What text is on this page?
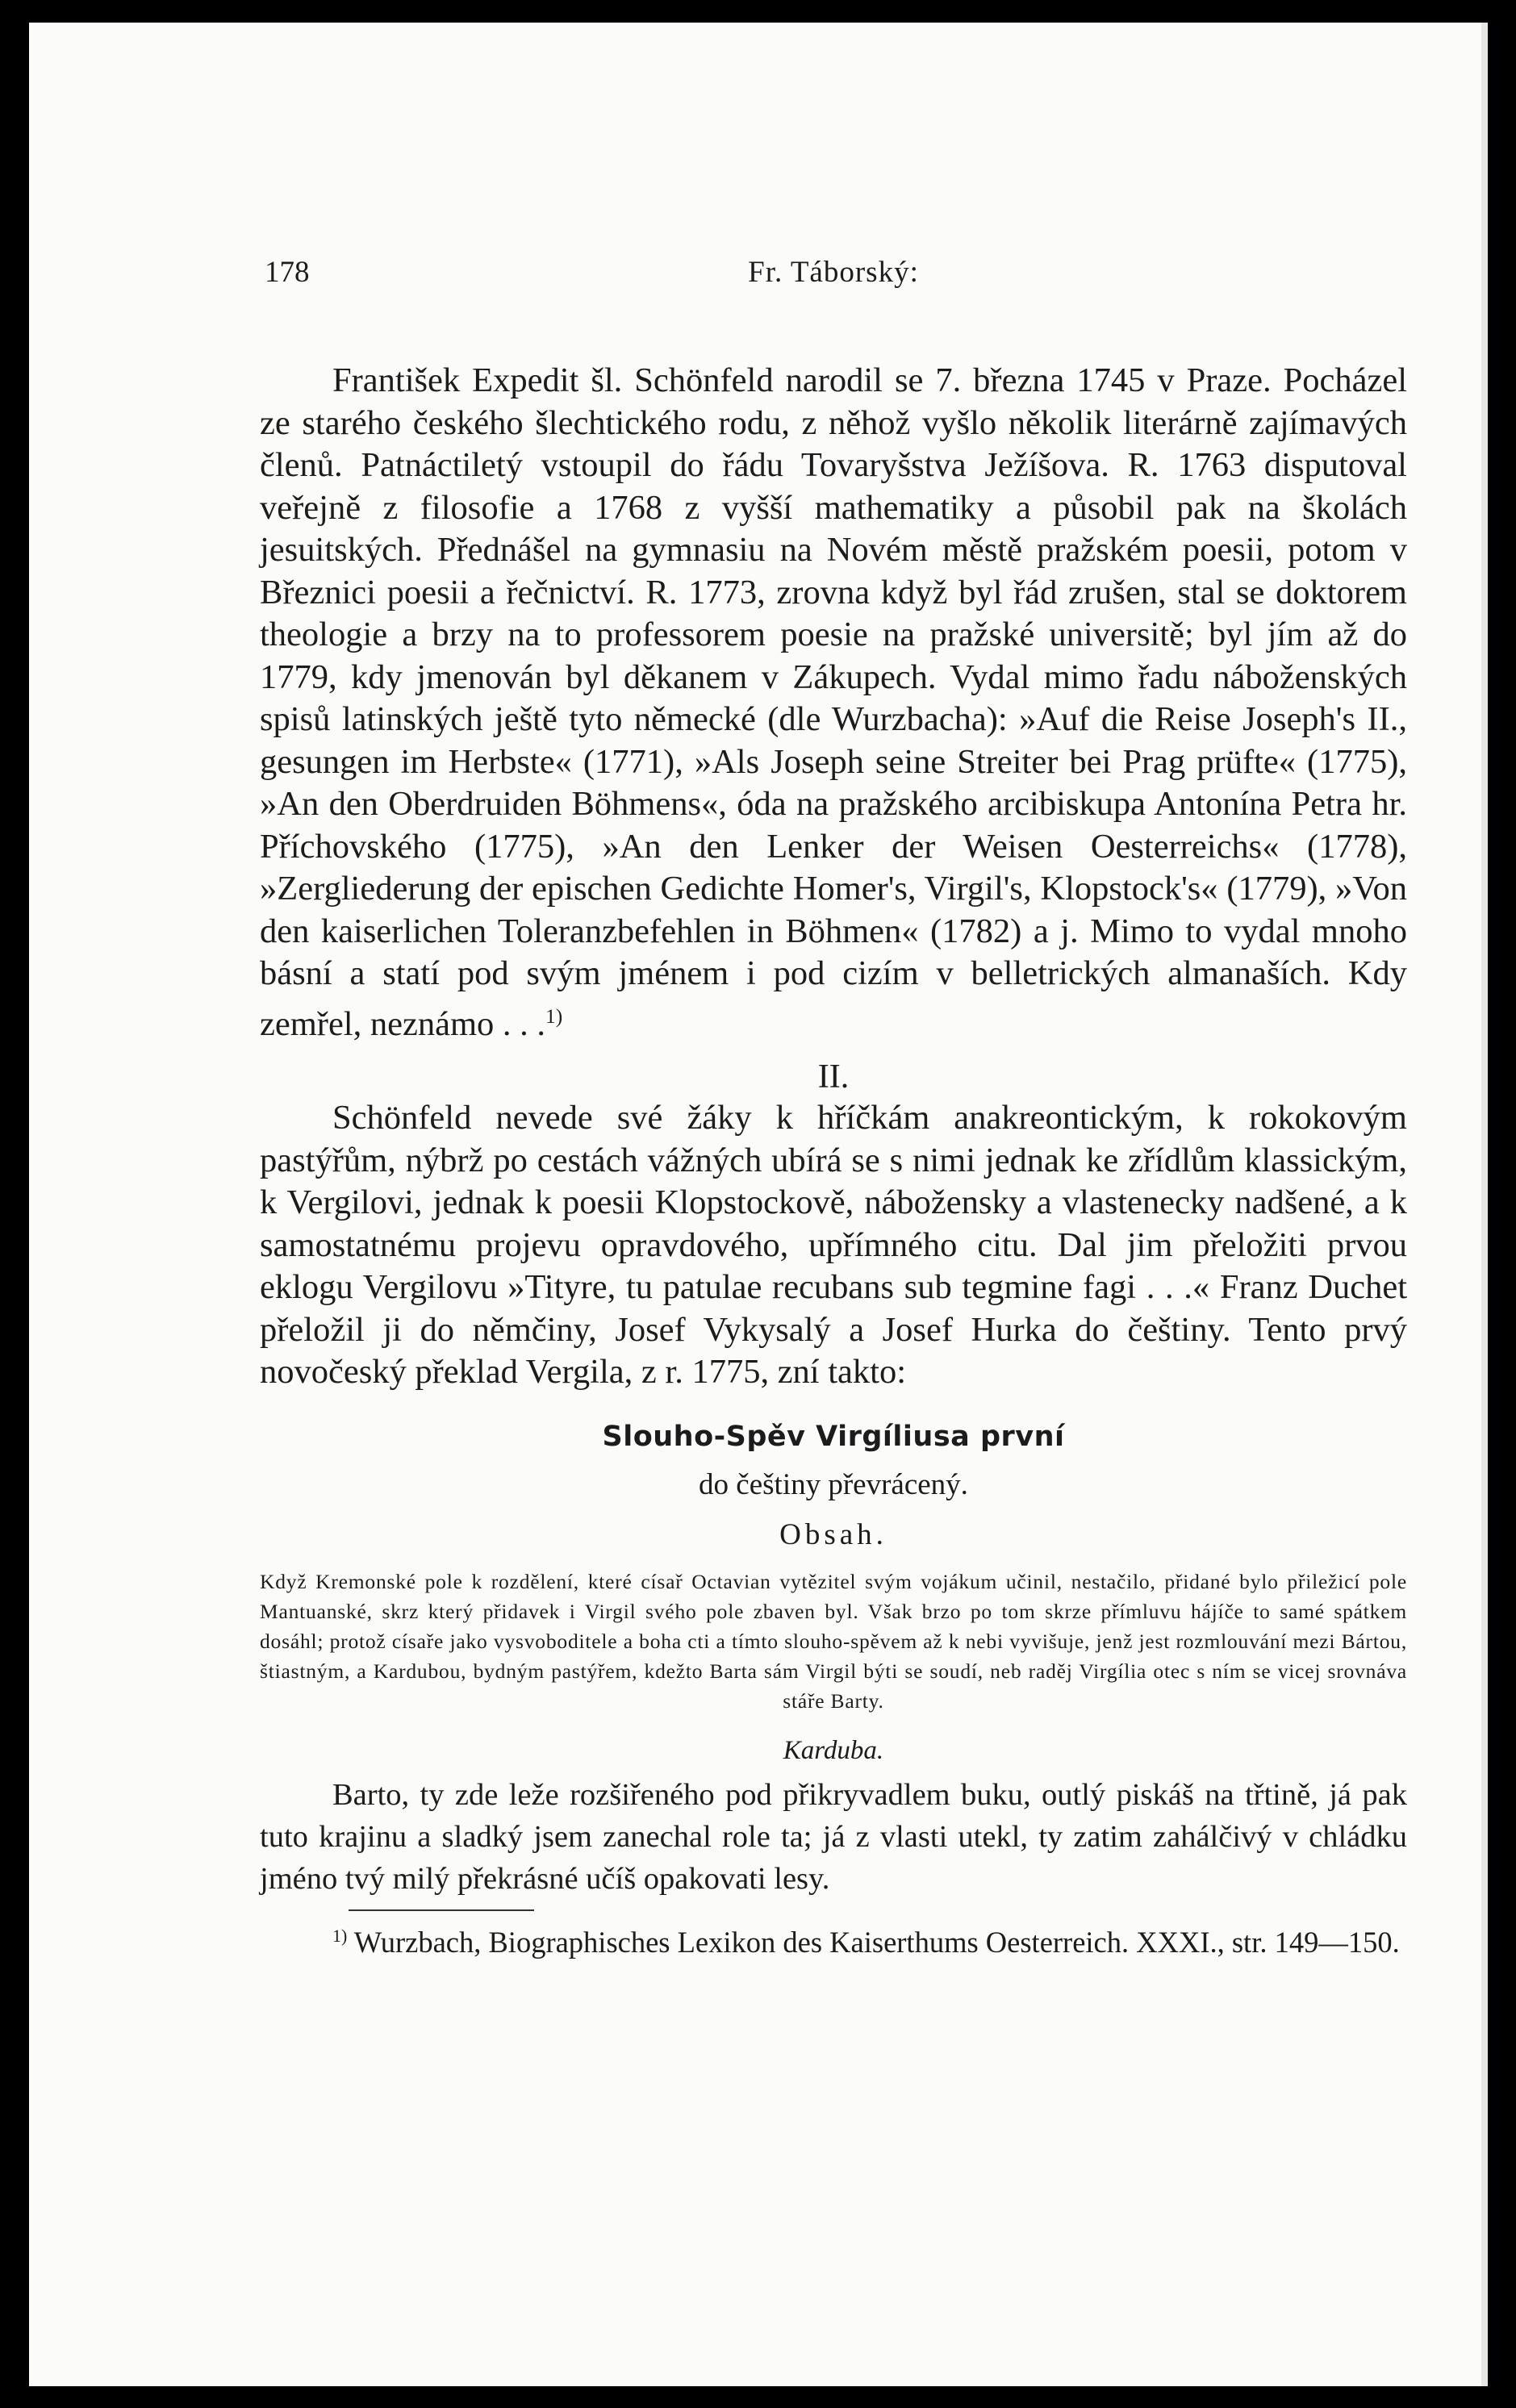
178	Fr. Táborský:

František Expedit šl. Schönfeld narodil se 7. března 1745 v Praze. Pocházel ze starého českého šlechtického rodu, z něhož vyšlo několik literárně zajímavých členů. Patnáctiletý vstoupil do řádu Tovaryšstva Ježíšova. R. 1763 disputoval veřejně z filosofie a 1768 z vyšší mathematiky a působil pak na školách jesuitských. Přednášel na gymnasiu na Novém městě pražském poesii, potom v Březnici poesii a řečnictví. R. 1773, zrovna když byl řád zrušen, stal se doktorem theologie a brzy na to professorem poesie na pražské universitě; byl jím až do 1779, kdy jmenován byl děkanem v Zákupech. Vydal mimo řadu náboženských spisů latinských ještě tyto německé (dle Wurzbacha): »Auf die Reise Joseph's II., gesungen im Herbste« (1771), »Als Joseph seine Streiter bei Prag prüfte« (1775), »An den Oberdruiden Böhmens«, óda na pražského arcibiskupa Antonína Petra hr. Příchovského (1775), »An den Lenker der Weisen Oesterreichs« (1778), »Zergliederung der epischen Gedichte Homer's, Virgil's, Klopstock's« (1779), »Von den kaiserlichen Toleranzbefehlen in Böhmen« (1782) a j. Mimo to vydal mnoho básní a statí pod svým jménem i pod cizím v belletrických almanaších. Kdy zemřel, neznámo . . .$^{1)}$

II.

Schönfeld nevede své žáky k hříčkám anakreontickým, k rokokovým pastýřům, nýbrž po cestách vážných ubírá se s nimi jednak ke zřídlům klassickým, k Vergilovi, jednak k poesii Klopstockově, nábožensky a vlastenecky nadšené, a k samostatnému projevu opravdového, upřímného citu. Dal jim přeložiti prvou eklogu Vergilovu »Tityre, tu patulae recubans sub tegmine fagi . . .« Franz Duchet přeložil ji do němčiny, Josef Vykysalý a Josef Hurka do češtiny. Tento prvý novočeský překlad Vergila, z r. 1775, zní takto:

Slouho-Spěv Virgíliusa první
do češtiny převrácený.
Obsah.

Když Kremonské pole k rozdělení, které císař Octavian vytězitel svým vojákum učinil, nestačilo, přidané bylo přiležicí pole Mantuanské, skrz který přidavek i Virgil svého pole zbaven byl. Však brzo po tom skrze přímluvu hájíče to samé spátkem dosáhl; protož císaře jako vysvoboditele a boha cti a tímto slouho-spěvem až k nebi vyvišuje, jenž jest rozmlouvání mezi Bártou, štiastným, a Kardubou, bydným pastýřem, kdežto Barta sám Virgil býti se soudí, neb raděj Virgília otec s ním se vicej srovnáva stáře Barty.

Karduba.

Barto, ty zde leže rozšiřeného pod přikryvadlem buku, outlý piskáš na třtině, já pak tuto krajinu a sladký jsem zanechal role ta; já z vlasti utekl, ty zatim zahálčivý v chládku jméno tvý milý překrásné učíš opakovati lesy.

$^{1)}$ Wurzbach, Biographisches Lexikon des Kaiserthums Oesterreich. XXXI., str. 149—150.
